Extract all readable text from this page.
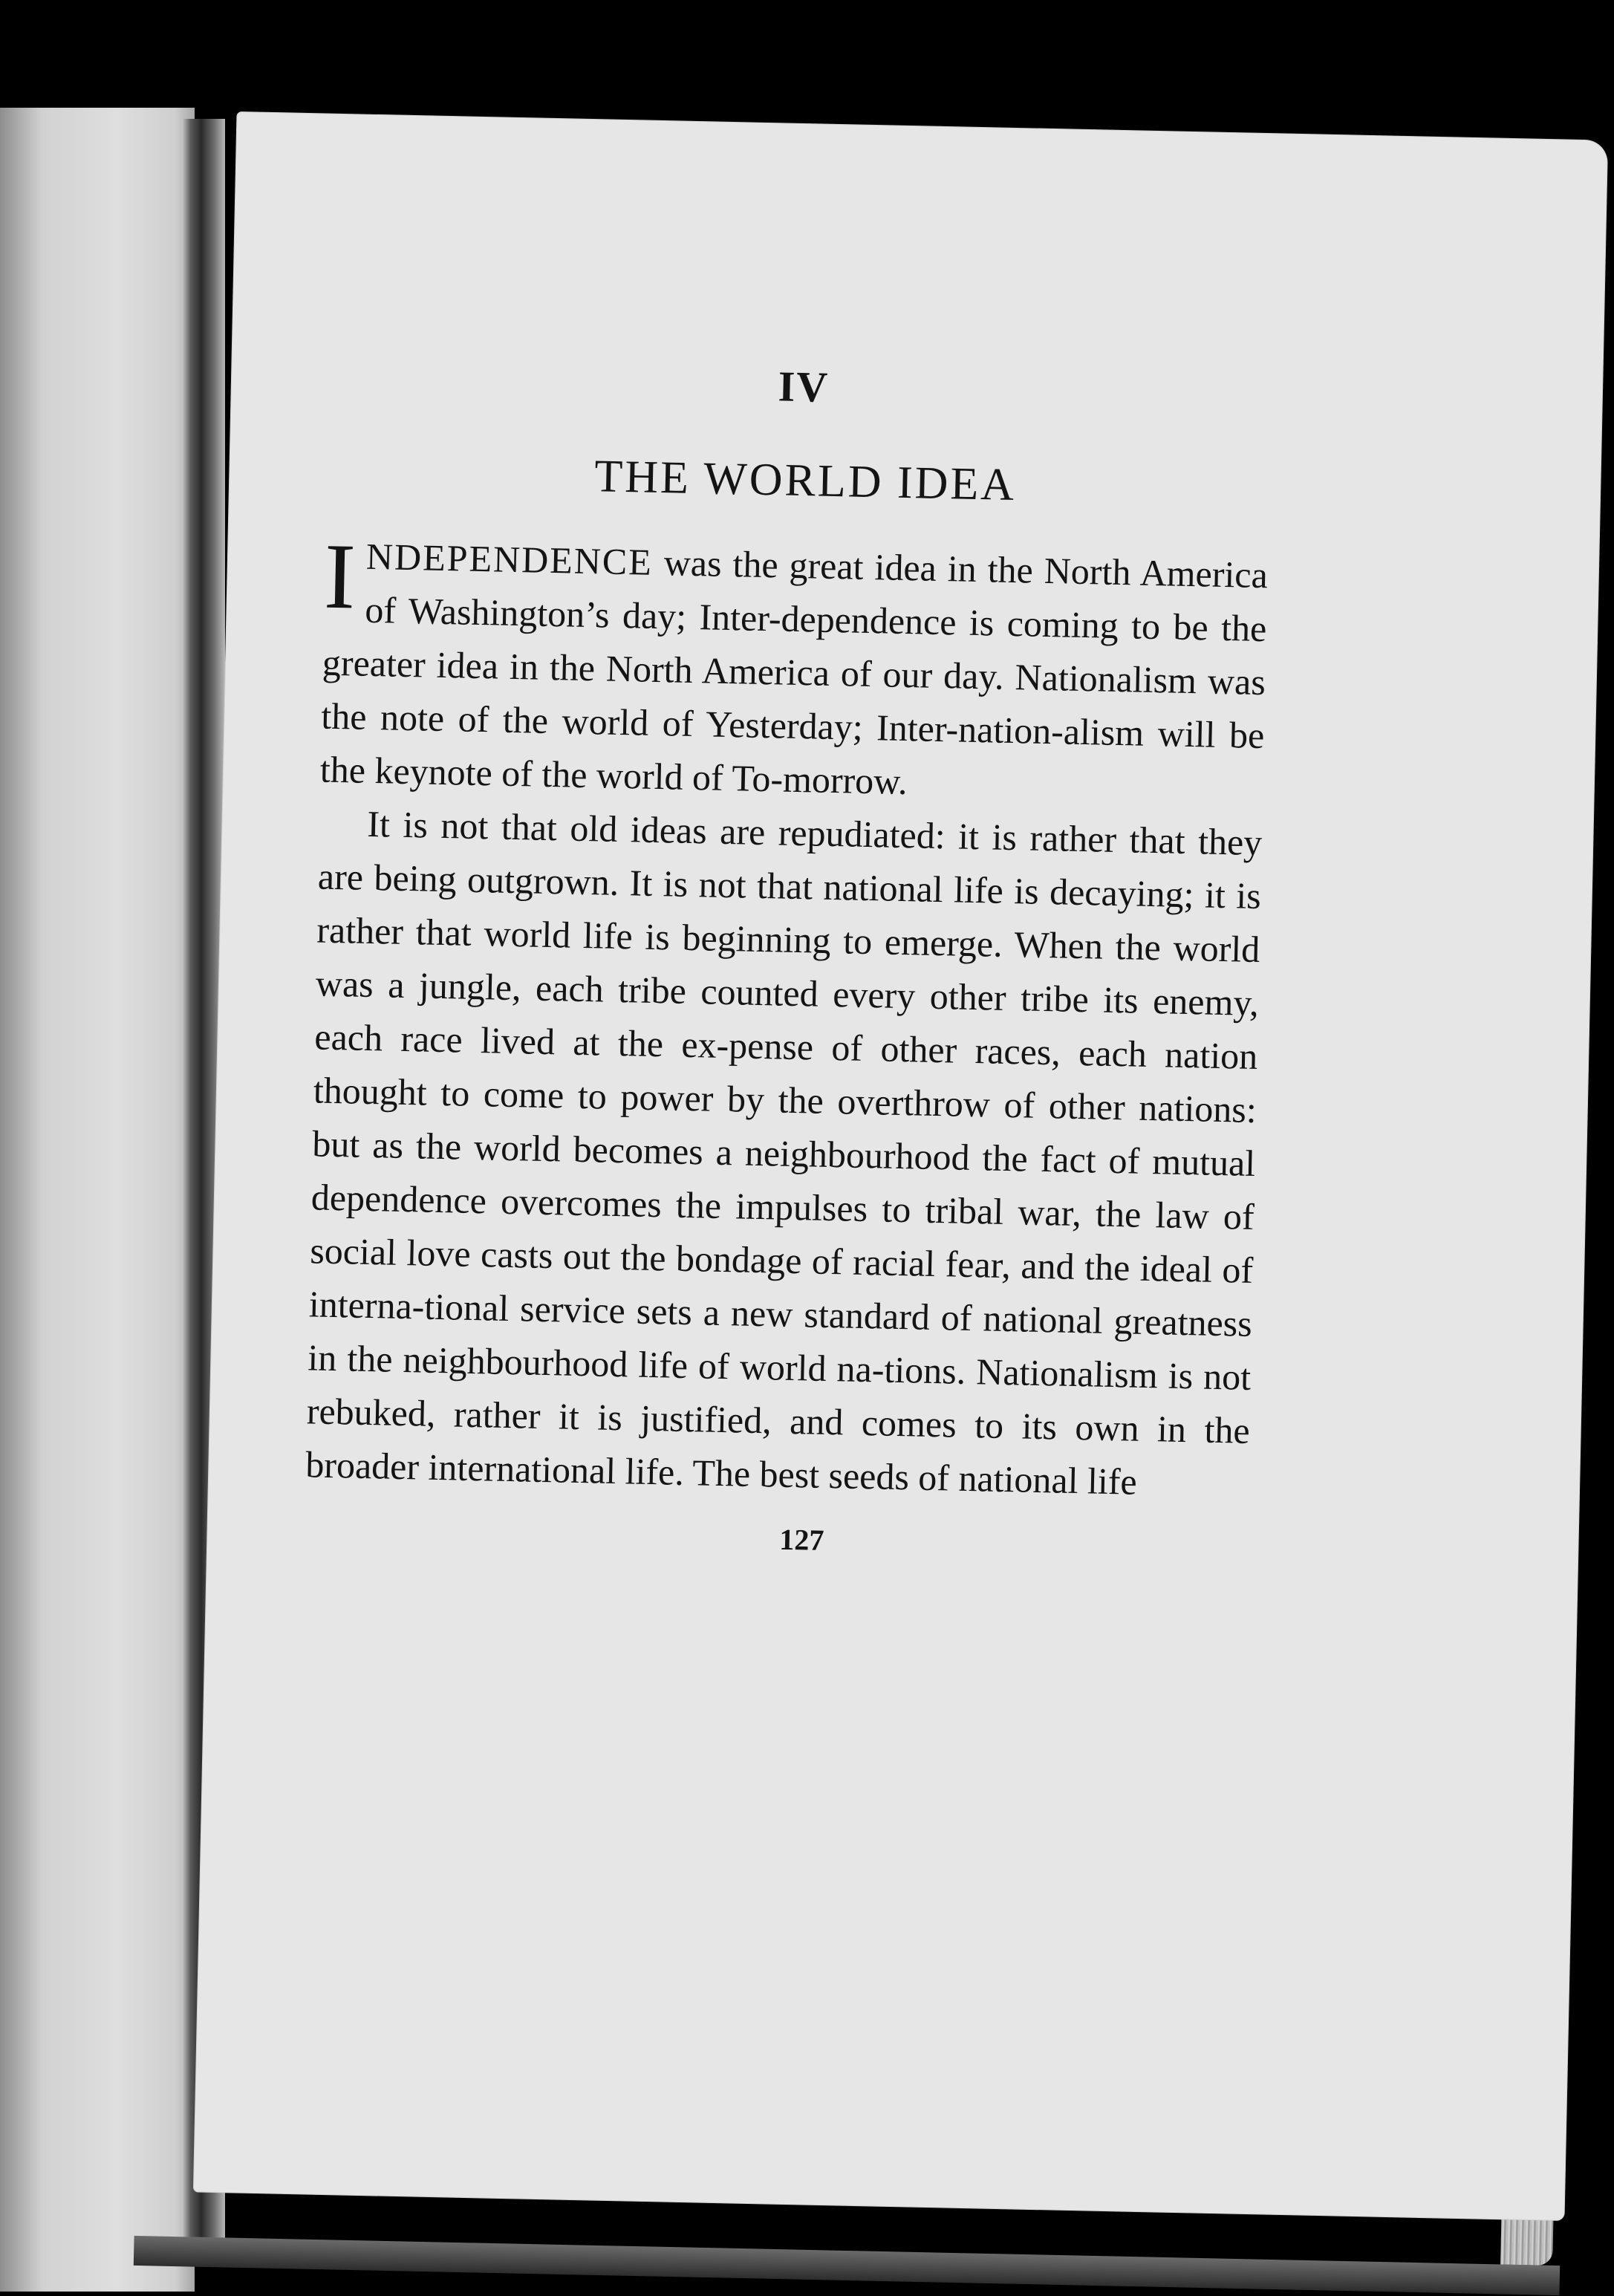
IV
THE WORLD IDEA

INDEPENDENCE was the great idea in the North America of Washington’s day; Inter-dependence is coming to be the greater idea in the North America of our day. Nationalism was the note of the world of Yesterday; Inter-nation-alism will be the keynote of the world of To-morrow.

It is not that old ideas are repudiated: it is rather that they are being outgrown. It is not that national life is decaying; it is rather that world life is beginning to emerge. When the world was a jungle, each tribe counted every other tribe its enemy, each race lived at the ex-pense of other races, each nation thought to come to power by the overthrow of other nations: but as the world becomes a neighbourhood the fact of mutual dependence overcomes the impulses to tribal war, the law of social love casts out the bondage of racial fear, and the ideal of interna-tional service sets a new standard of national greatness in the neighbourhood life of world na-tions. Nationalism is not rebuked, rather it is justified, and comes to its own in the broader international life. The best seeds of national life

127
